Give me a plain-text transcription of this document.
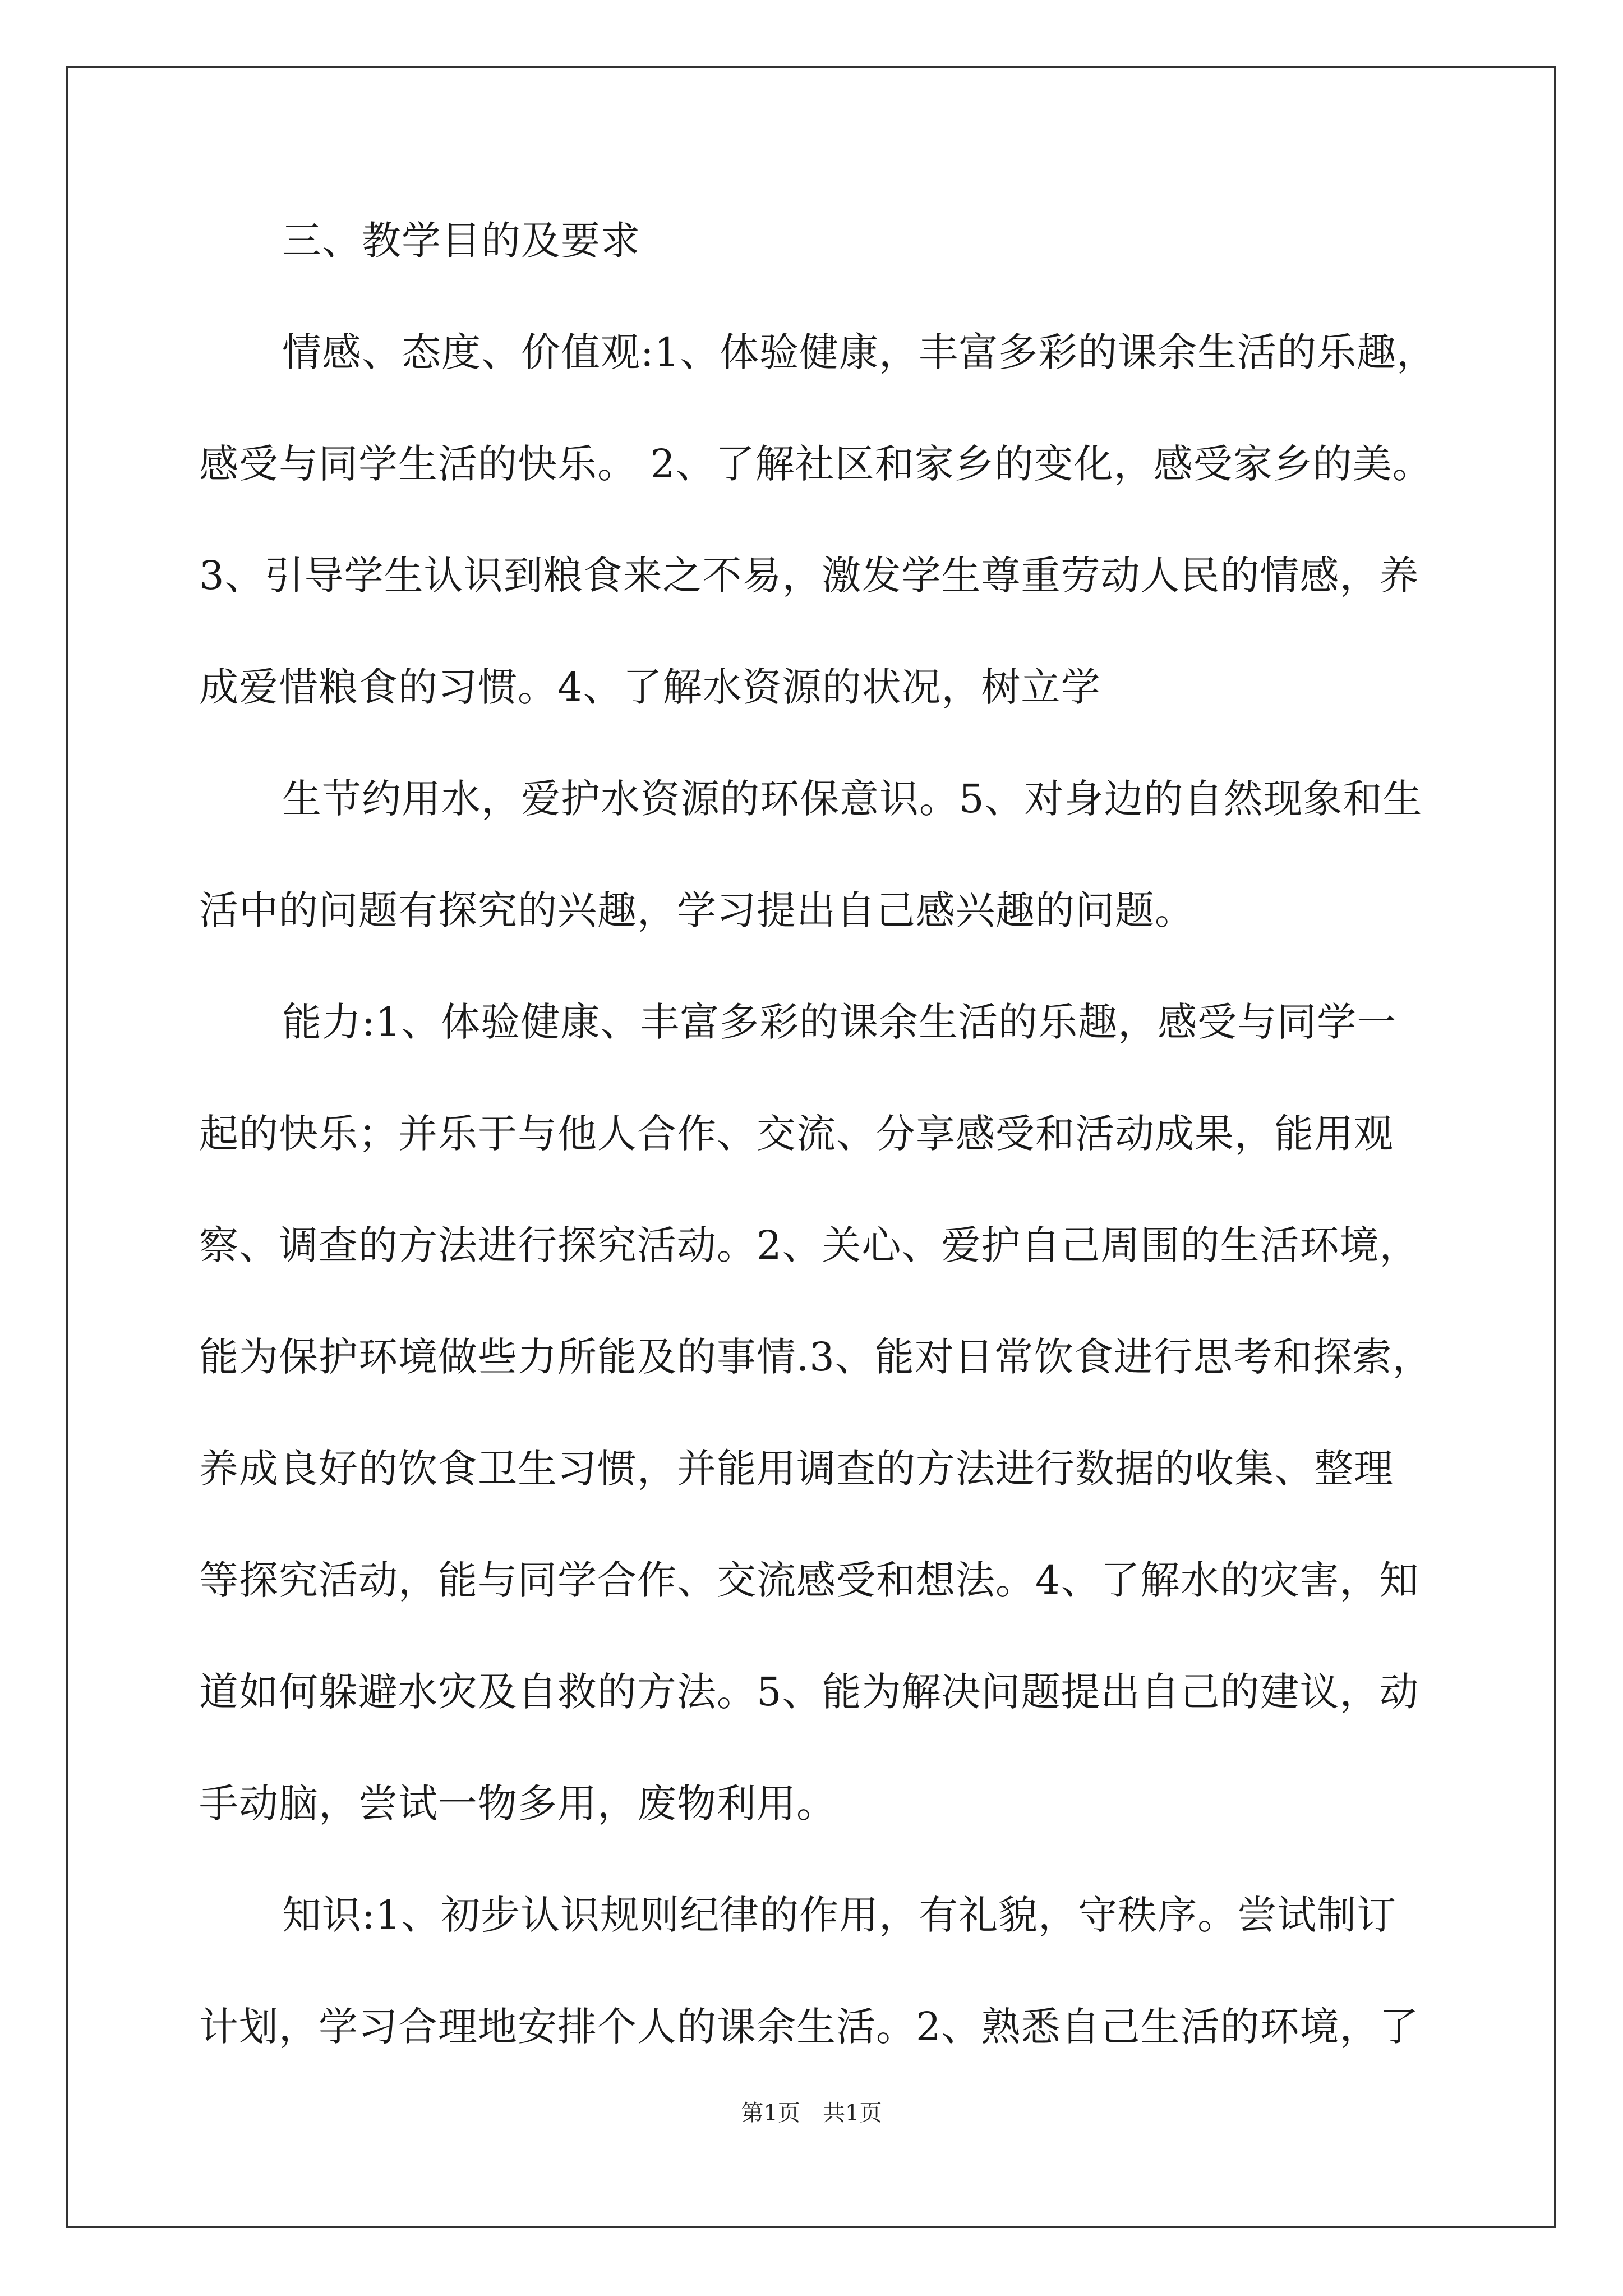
三、教学目的及要求
情感、态度、价值观:1、体验健康，丰富多彩的课余生活的乐趣，
感受与同学生活的快乐。 2、了解社区和家乡的变化，感受家乡的美。
3、引导学生认识到粮食来之不易，激发学生尊重劳动人民的情感，养
成爱惜粮食的习惯。4、了解水资源的状况，树立学
生节约用水，爱护水资源的环保意识。5、对身边的自然现象和生
活中的问题有探究的兴趣，学习提出自己感兴趣的问题。
能力:1、体验健康、丰富多彩的课余生活的乐趣，感受与同学一
起的快乐；并乐于与他人合作、交流、分享感受和活动成果，能用观
察、调查的方法进行探究活动。2、关心、爱护自己周围的生活环境，
能为保护环境做些力所能及的事情.3、能对日常饮食进行思考和探索，
养成良好的饮食卫生习惯，并能用调查的方法进行数据的收集、整理
等探究活动，能与同学合作、交流感受和想法。4、了解水的灾害，知
道如何躲避水灾及自救的方法。5、能为解决问题提出自己的建议，动
手动脑，尝试一物多用，废物利用。
知识:1、初步认识规则纪律的作用，有礼貌，守秩序。尝试制订
计划，学习合理地安排个人的课余生活。2、熟悉自己生活的环境，了
第1页 共1页
